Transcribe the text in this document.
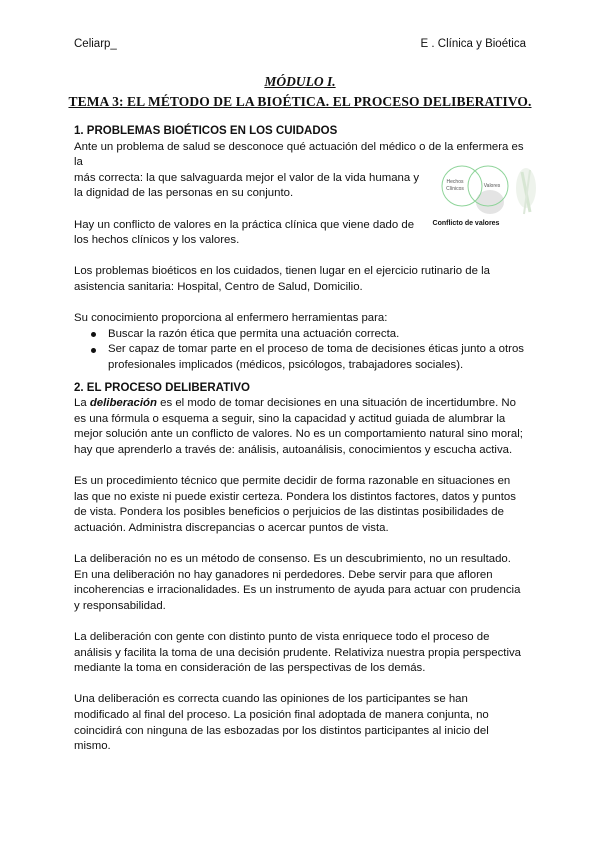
Celiarp_	E . Clínica y Bioética

MÓDULO I.

TEMA 3: EL MÉTODO DE LA BIOÉTICA. EL PROCESO DELIBERATIVO.

Hechos
Clínicos	Valores
Conflicto de valores

1. PROBLEMAS BIOÉTICOS EN LOS CUIDADOS

Ante un problema de salud se desconoce qué actuación del médico o de la enfermera es la

más correcta: la que salvaguarda mejor el valor de la vida humana y la dignidad de las personas en su conjunto.

Hay un conflicto de valores en la práctica clínica que viene dado de los hechos clínicos y los valores.

Los problemas bioéticos en los cuidados, tienen lugar en el ejercicio rutinario de la asistencia sanitaria: Hospital, Centro de Salud, Domicilio.

Su conocimiento proporciona al enfermero herramientas para:

Buscar la razón ética que permita una actuación correcta.
Ser capaz de tomar parte en el proceso de toma de decisiones éticas junto a otros profesionales implicados (médicos, psicólogos, trabajadores sociales).

2. EL PROCESO DELIBERATIVO

La deliberación es el modo de tomar decisiones en una situación de incertidumbre. No es una fórmula o esquema a seguir, sino la capacidad y actitud guiada de alumbrar la mejor solución ante un conflicto de valores. No es un comportamiento natural sino moral; hay que aprenderlo a través de: análisis, autoanálisis, conocimientos y escucha activa.

Es un procedimiento técnico que permite decidir de forma razonable en situaciones en las que no existe ni puede existir certeza. Pondera los distintos factores, datos y puntos de vista. Pondera los posibles beneficios o perjuicios de las distintas posibilidades de actuación. Administra discrepancias o acercar puntos de vista.

La deliberación no es un método de consenso. Es un descubrimiento, no un resultado. En una deliberación no hay ganadores ni perdedores. Debe servir para que afloren incoherencias e irracionalidades. Es un instrumento de ayuda para actuar con prudencia y responsabilidad.

La deliberación con gente con distinto punto de vista enriquece todo el proceso de análisis y facilita la toma de una decisión prudente. Relativiza nuestra propia perspectiva mediante la toma en consideración de las perspectivas de los demás.

Una deliberación es correcta cuando las opiniones de los participantes se han modificado al final del proceso. La posición final adoptada de manera conjunta, no coincidirá con ninguna de las esbozadas por los distintos participantes al inicio del mismo.
